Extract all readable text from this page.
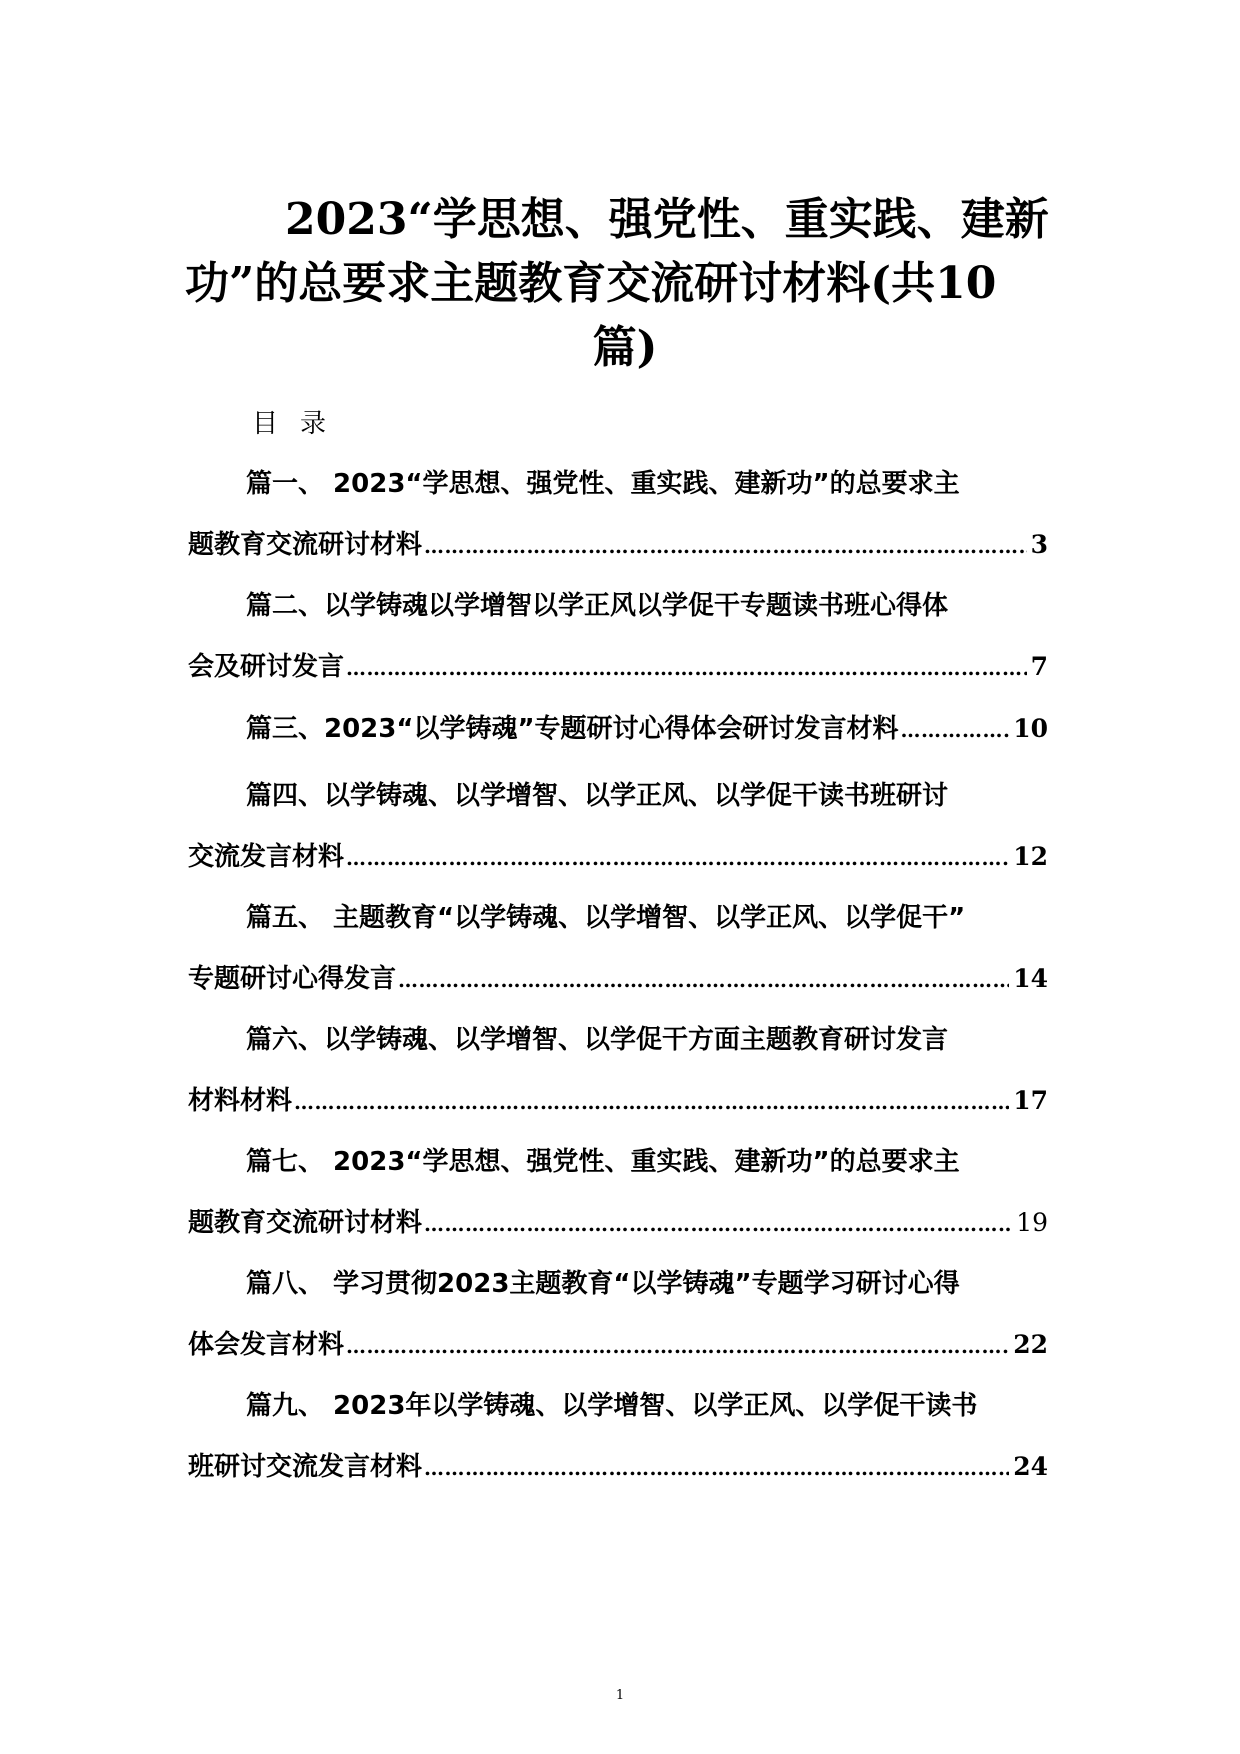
2023“学思想、强党性、重实践、建新
功”的总要求主题教育交流研讨材料(共10
篇)
目录
篇一、 2023“学思想、强党性、重实践、建新功”的总要求主
题教育交流研讨材料 ………………………………………………………………………………………………………………………………………………	3
篇二、以学铸魂以学增智以学正风以学促干专题读书班心得体
会及研讨发言 ………………………………………………………………………………………………………………………………………………	7
篇三、2023“以学铸魂”专题研讨心得体会研讨发言材料 ………………………………………………………………………………………………………………………………………………	10
篇四、以学铸魂、以学增智、以学正风、以学促干读书班研讨
交流发言材料 ………………………………………………………………………………………………………………………………………………	12
篇五、 主题教育“以学铸魂、以学增智、以学正风、以学促干”
专题研讨心得发言 ………………………………………………………………………………………………………………………………………………	14
篇六、以学铸魂、以学增智、以学促干方面主题教育研讨发言
材料材料 ………………………………………………………………………………………………………………………………………………	17
篇七、 2023“学思想、强党性、重实践、建新功”的总要求主
题教育交流研讨材料 ………………………………………………………………………………………………………………………………………………	19
篇八、 学习贯彻2023主题教育“以学铸魂”专题学习研讨心得
体会发言材料 ………………………………………………………………………………………………………………………………………………	22
篇九、 2023年以学铸魂、以学增智、以学正风、以学促干读书
班研讨交流发言材料 ………………………………………………………………………………………………………………………………………………	24
1
